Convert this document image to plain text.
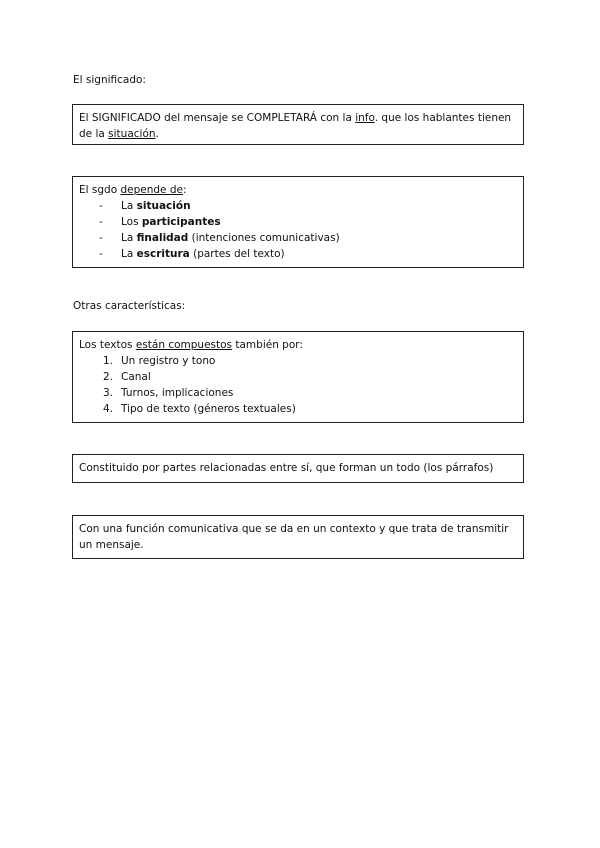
El significado:
El SIGNIFICADO del mensaje se COMPLETARÁ con la info. que los hablantes tienen de la situación.
El sgdo depende de:
- La situación
- Los participantes
- La finalidad (intenciones comunicativas)
- La escritura (partes del texto)
Otras características:
Los textos están compuestos también por:
1. Un registro y tono
2. Canal
3. Turnos, implicaciones
4. Tipo de texto (géneros textuales)
Constituido por partes relacionadas entre sí, que forman un todo (los párrafos)
Con una función comunicativa que se da en un contexto y que trata de transmitir un mensaje.
